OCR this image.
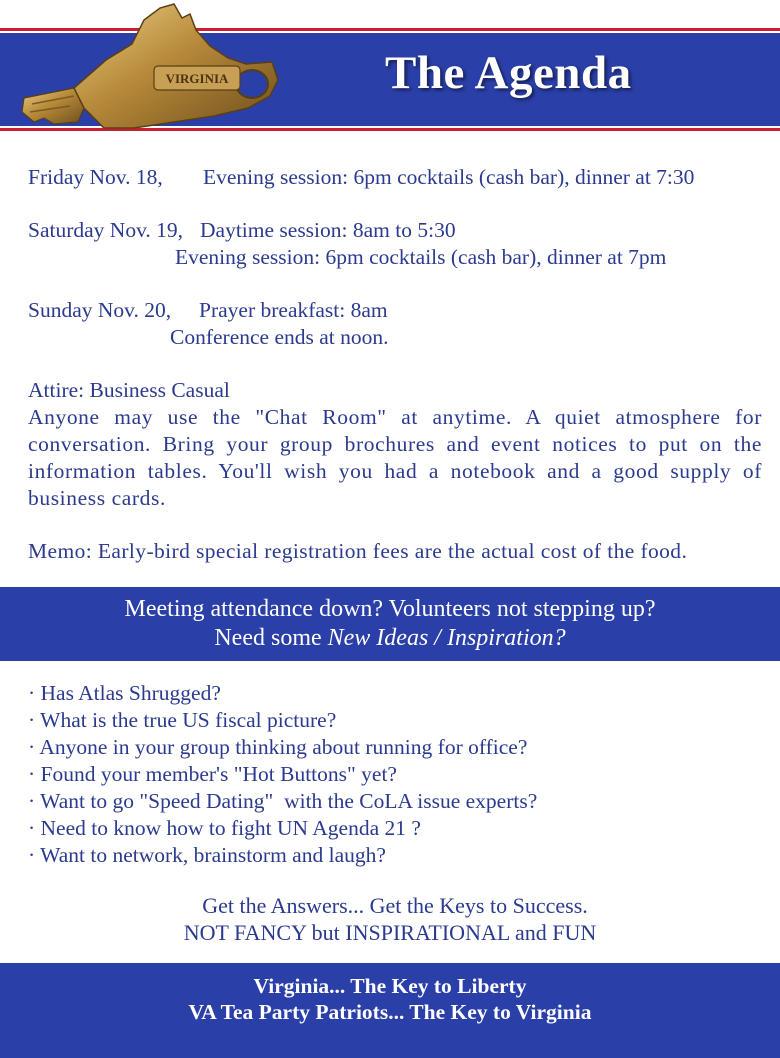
VIRGINIA	The Agenda
Friday Nov. 18, Evening session: 6pm cocktails (cash bar), dinner at 7:30
Saturday Nov. 19, Daytime session: 8am to 5:30
Evening session: 6pm cocktails (cash bar), dinner at 7pm
Sunday Nov. 20, Prayer breakfast: 8am
Conference ends at noon.
Attire: Business Casual
Anyone may use the "Chat Room" at anytime. A quiet atmosphere for conversation. Bring your group brochures and event notices to put on the information tables. You'll wish you had a notebook and a good supply of business cards.
Memo: Early-bird special registration fees are the actual cost of the food.
Meeting attendance down? Volunteers not stepping up?
Need some New Ideas / Inspiration?
· Has Atlas Shrugged?
· What is the true US fiscal picture?
· Anyone in your group thinking about running for office?
· Found your member's "Hot Buttons" yet?
· Want to go "Speed Dating"  with the CoLA issue experts?
· Need to know how to fight UN Agenda 21 ?
· Want to network, brainstorm and laugh?
Get the Answers... Get the Keys to Success.
NOT FANCY but INSPIRATIONAL and FUN
Virginia... The Key to Liberty
VA Tea Party Patriots... The Key to Virginia
